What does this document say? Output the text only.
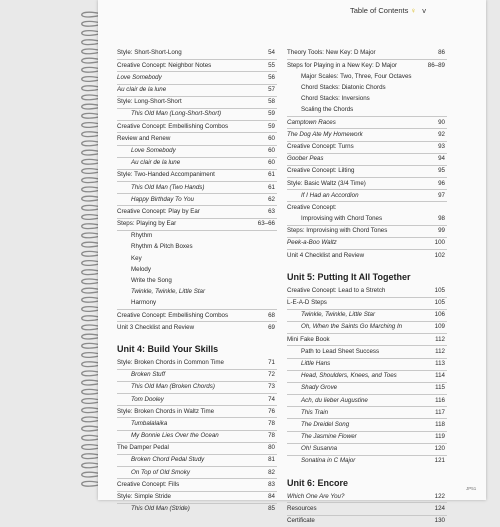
Table of Contents ♀ v
Style: Short-Short-Long	54
Creative Concept: Neighbor Notes	55
Love Somebody	56
Au clair de la lune	57
Style: Long-Short-Short	58
This Old Man (Long-Short-Short)	59
Creative Concept: Embellishing Combos	59
Review and Renew	60
Love Somebody	60
Au clair de la lune	60
Style: Two-Handed Accompaniment	61
This Old Man (Two Hands)	61
Happy Birthday To You	62
Creative Concept: Play by Ear	63
Steps: Playing by Ear	63–66
Rhythm
Rhythm & Pitch Boxes
Key
Melody
Write the Song
Twinkle, Twinkle, Little Star
Harmony
Creative Concept: Embellishing Combos	68
Unit 3 Checklist and Review	69
Unit 4: Build Your Skills
Style: Broken Chords in Common Time	71
Broken Stuff	72
This Old Man (Broken Chords)	73
Tom Dooley	74
Style: Broken Chords in Waltz Time	76
Tumbalalaika	78
My Bonnie Lies Over the Ocean	78
The Damper Pedal	80
Broken Chord Pedal Study	81
On Top of Old Smoky	82
Creative Concept: Fills	83
Style: Simple Stride	84
This Old Man (Stride)	85
Theory Tools: New Key: D Major	86
Steps for Playing in a New Key: D Major	86–89
Major Scales: Two, Three, Four Octaves
Chord Stacks: Diatonic Chords
Chord Stacks: Inversions
Scaling the Chords
Camptown Races	90
The Dog Ate My Homework	92
Creative Concept: Turns	93
Goober Peas	94
Creative Concept: Lilting	95
Style: Basic Waltz (3/4 Time)	96
If I Had an Accordion	97
Creative Concept:
Improvising with Chord Tones	98
Steps: Improvising with Chord Tones	99
Peek-a-Boo Waltz	100
Unit 4 Checklist and Review	102
Unit 5: Putting It All Together
Creative Concept: Lead to a Stretch	105
L-E-A-D Steps	105
Twinkle, Twinkle, Little Star	106
Oh, When the Saints Go Marching In	109
Mini Fake Book	112
Path to Lead Sheet Success	112
Little Hans	113
Head, Shoulders, Knees, and Toes	114
Shady Grove	115
Ach, du lieber Augustine	116
This Train	117
The Dreidel Song	118
The Jasmine Flower	119
Oh! Susanna	120
Sonatina in C Major	121
Unit 6: Encore
Which One Are You?	122
Resources	124
Certificate	130
JP51
